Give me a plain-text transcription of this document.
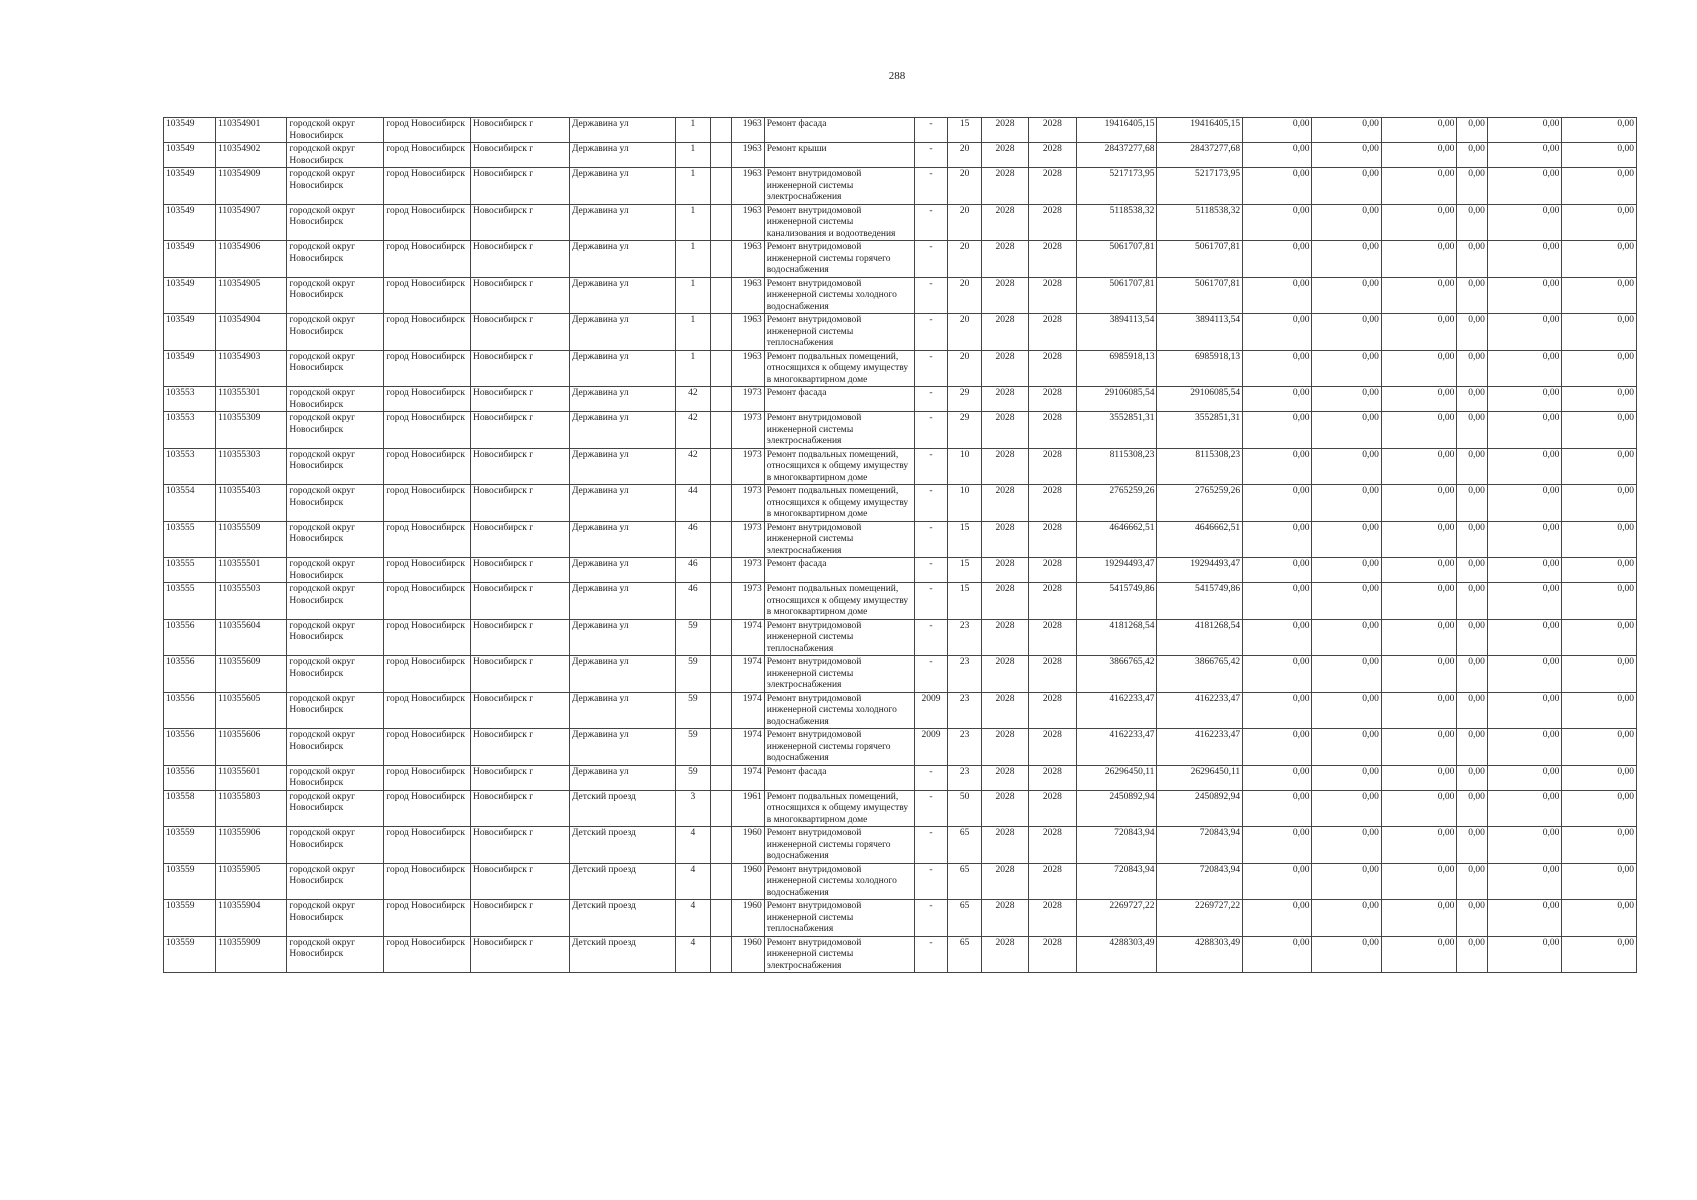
288
103549	110354901	городской округ Новосибирск	город Новосибирск	Новосибирск г	Державина ул	1		1963	Ремонт фасада	-	15	2028	2028	19416405,15	19416405,15	0,00	0,00	0,00	0,00	0,00	0,00
103549	110354902	городской округ Новосибирск	город Новосибирск	Новосибирск г	Державина ул	1		1963	Ремонт крыши	-	20	2028	2028	28437277,68	28437277,68	0,00	0,00	0,00	0,00	0,00	0,00
103549	110354909	городской округ Новосибирск	город Новосибирск	Новосибирск г	Державина ул	1		1963	Ремонт внутридомовой инженерной системы электроснабжения	-	20	2028	2028	5217173,95	5217173,95	0,00	0,00	0,00	0,00	0,00	0,00
103549	110354907	городской округ Новосибирск	город Новосибирск	Новосибирск г	Державина ул	1		1963	Ремонт внутридомовой инженерной системы канализования и водоотведения	-	20	2028	2028	5118538,32	5118538,32	0,00	0,00	0,00	0,00	0,00	0,00
103549	110354906	городской округ Новосибирск	город Новосибирск	Новосибирск г	Державина ул	1		1963	Ремонт внутридомовой инженерной системы горячего водоснабжения	-	20	2028	2028	5061707,81	5061707,81	0,00	0,00	0,00	0,00	0,00	0,00
103549	110354905	городской округ Новосибирск	город Новосибирск	Новосибирск г	Державина ул	1		1963	Ремонт внутридомовой инженерной системы холодного водоснабжения	-	20	2028	2028	5061707,81	5061707,81	0,00	0,00	0,00	0,00	0,00	0,00
103549	110354904	городской округ Новосибирск	город Новосибирск	Новосибирск г	Державина ул	1		1963	Ремонт внутридомовой инженерной системы теплоснабжения	-	20	2028	2028	3894113,54	3894113,54	0,00	0,00	0,00	0,00	0,00	0,00
103549	110354903	городской округ Новосибирск	город Новосибирск	Новосибирск г	Державина ул	1		1963	Ремонт подвальных помещений, относящихся к общему имуществу в многоквартирном доме	-	20	2028	2028	6985918,13	6985918,13	0,00	0,00	0,00	0,00	0,00	0,00
103553	110355301	городской округ Новосибирск	город Новосибирск	Новосибирск г	Державина ул	42		1973	Ремонт фасада	-	29	2028	2028	29106085,54	29106085,54	0,00	0,00	0,00	0,00	0,00	0,00
103553	110355309	городской округ Новосибирск	город Новосибирск	Новосибирск г	Державина ул	42		1973	Ремонт внутридомовой инженерной системы электроснабжения	-	29	2028	2028	3552851,31	3552851,31	0,00	0,00	0,00	0,00	0,00	0,00
103553	110355303	городской округ Новосибирск	город Новосибирск	Новосибирск г	Державина ул	42		1973	Ремонт подвальных помещений, относящихся к общему имуществу в многоквартирном доме	-	10	2028	2028	8115308,23	8115308,23	0,00	0,00	0,00	0,00	0,00	0,00
103554	110355403	городской округ Новосибирск	город Новосибирск	Новосибирск г	Державина ул	44		1973	Ремонт подвальных помещений, относящихся к общему имуществу в многоквартирном доме	-	10	2028	2028	2765259,26	2765259,26	0,00	0,00	0,00	0,00	0,00	0,00
103555	110355509	городской округ Новосибирск	город Новосибирск	Новосибирск г	Державина ул	46		1973	Ремонт внутридомовой инженерной системы электроснабжения	-	15	2028	2028	4646662,51	4646662,51	0,00	0,00	0,00	0,00	0,00	0,00
103555	110355501	городской округ Новосибирск	город Новосибирск	Новосибирск г	Державина ул	46		1973	Ремонт фасада	-	15	2028	2028	19294493,47	19294493,47	0,00	0,00	0,00	0,00	0,00	0,00
103555	110355503	городской округ Новосибирск	город Новосибирск	Новосибирск г	Державина ул	46		1973	Ремонт подвальных помещений, относящихся к общему имуществу в многоквартирном доме	-	15	2028	2028	5415749,86	5415749,86	0,00	0,00	0,00	0,00	0,00	0,00
103556	110355604	городской округ Новосибирск	город Новосибирск	Новосибирск г	Державина ул	59		1974	Ремонт внутридомовой инженерной системы теплоснабжения	-	23	2028	2028	4181268,54	4181268,54	0,00	0,00	0,00	0,00	0,00	0,00
103556	110355609	городской округ Новосибирск	город Новосибирск	Новосибирск г	Державина ул	59		1974	Ремонт внутридомовой инженерной системы электроснабжения	-	23	2028	2028	3866765,42	3866765,42	0,00	0,00	0,00	0,00	0,00	0,00
103556	110355605	городской округ Новосибирск	город Новосибирск	Новосибирск г	Державина ул	59		1974	Ремонт внутридомовой инженерной системы холодного водоснабжения	2009	23	2028	2028	4162233,47	4162233,47	0,00	0,00	0,00	0,00	0,00	0,00
103556	110355606	городской округ Новосибирск	город Новосибирск	Новосибирск г	Державина ул	59		1974	Ремонт внутридомовой инженерной системы горячего водоснабжения	2009	23	2028	2028	4162233,47	4162233,47	0,00	0,00	0,00	0,00	0,00	0,00
103556	110355601	городской округ Новосибирск	город Новосибирск	Новосибирск г	Державина ул	59		1974	Ремонт фасада	-	23	2028	2028	26296450,11	26296450,11	0,00	0,00	0,00	0,00	0,00	0,00
103558	110355803	городской округ Новосибирск	город Новосибирск	Новосибирск г	Детский проезд	3		1961	Ремонт подвальных помещений, относящихся к общему имуществу в многоквартирном доме	-	50	2028	2028	2450892,94	2450892,94	0,00	0,00	0,00	0,00	0,00	0,00
103559	110355906	городской округ Новосибирск	город Новосибирск	Новосибирск г	Детский проезд	4		1960	Ремонт внутридомовой инженерной системы горячего водоснабжения	-	65	2028	2028	720843,94	720843,94	0,00	0,00	0,00	0,00	0,00	0,00
103559	110355905	городской округ Новосибирск	город Новосибирск	Новосибирск г	Детский проезд	4		1960	Ремонт внутридомовой инженерной системы холодного водоснабжения	-	65	2028	2028	720843,94	720843,94	0,00	0,00	0,00	0,00	0,00	0,00
103559	110355904	городской округ Новосибирск	город Новосибирск	Новосибирск г	Детский проезд	4		1960	Ремонт внутридомовой инженерной системы теплоснабжения	-	65	2028	2028	2269727,22	2269727,22	0,00	0,00	0,00	0,00	0,00	0,00
103559	110355909	городской округ Новосибирск	город Новосибирск	Новосибирск г	Детский проезд	4		1960	Ремонт внутридомовой инженерной системы электроснабжения	-	65	2028	2028	4288303,49	4288303,49	0,00	0,00	0,00	0,00	0,00	0,00
